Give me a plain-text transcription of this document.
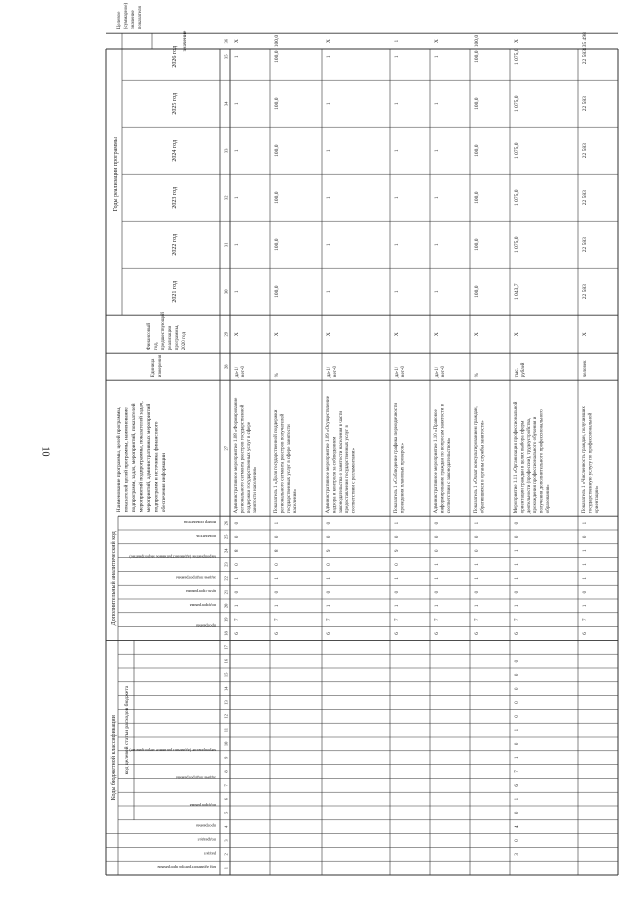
10
Коды бюджетной классификации код целевой статьи расходов бюджета
Дополнительный аналитический код
Наименование программы, целей программы, показателей целей программы, наименование подпрограмм, задач, мероприятий, показателей мероприятий подпрограммы, показателей задач, мероприятий, административных мероприятий подпрограмм и источника финансового обеспечения информации
Единица измерения
Финансовый год, предшествующий реализации программы, 2020 год
Годы реализации программы
Целевое (суммарное) значение показателя
значение
2021 год
2022 год
2023 год
2024 год
2025 год
2026 год
код администратора программы
раздел
подраздел
программа
подпрограмма
задача подпрограммы
мероприятие (административное мероприятие)
программа
подпрограмма
цель программы
задача подпрограммы
мероприятие (административное мероприятие)
показатель
номер показателя
1
2
3
4
5
6
7
8
9
10
11
12
13
14
15
16
17
18
19
20
21
22
23
24
25
26
27
28
29
30
31
32
33
34
35
36
6
7
1
0
1
0
8
0
0
Административное мероприятие 1.08 «Формирование регионального сегмента реестров государственной поддержки государственных услуг в сфере занятости населения»
да-1/ нет-0
X
1
1
1
1
1
1
X
6
7
1
0
1
0
8
0
1
Показатель 1 «Доля государственной поддержки регионального сегмента реестров получателей государственных услуг в сфере занятости населения»
%
X
100,0
100,0
100,0
100,0
100,0
100,0
100,0
6
7
1
0
1
0
9
0
0
Административное мероприятие 1.09 «Осуществление надзора и контроля за соблюдением законодательства о занятости населения в части предоставления государственных услуг в соответствии с регламентами»
да-1/ нет-0
X
1
1
1
1
1
1
X
6
7
1
0
1
0
9
0
1
Показатель 1 «Соблюдение графика периодичности проведения плановых проверок»
да-1/ нет-0
X
1
1
1
1
1
1
1
6
7
1
0
1
1
0
0
0
Административное мероприятие 1.10 «Правовое информирование граждан по вопросам занятости в соответствии с законодательством»
да-1/ нет-0
X
1
1
1
1
1
1
X
6
7
1
0
1
1
0
0
1
Показатель 1 «Охват консультированием граждан, обратившихся в органы службы занятости»
%
X
100,0
100,0
100,0
100,0
100,0
100,0
100,0
3
0
4
0
1
6
7
1
0
1
0
0
0
0
0
6
7
1
0
1
1
1
0
0
Мероприятие 1.11 «Организация профессиональной ориентации граждан в целях выбора сферы деятельности (профессии), трудоустройства, прохождения профессионального обучения и получения дополнительного профессионального образования»
тыс. рублей
X
1 043,7
1 075,0
1 075,0
1 075,0
1 075,0
1 075,0
X
6
7
1
0
1
1
1
0
1
Показатель 1 «Численность граждан, получивших государственную услугу по профессиональной ориентации»
человек
X
22 583
22 583
22 583
22 583
22 583
22 583
135 498
